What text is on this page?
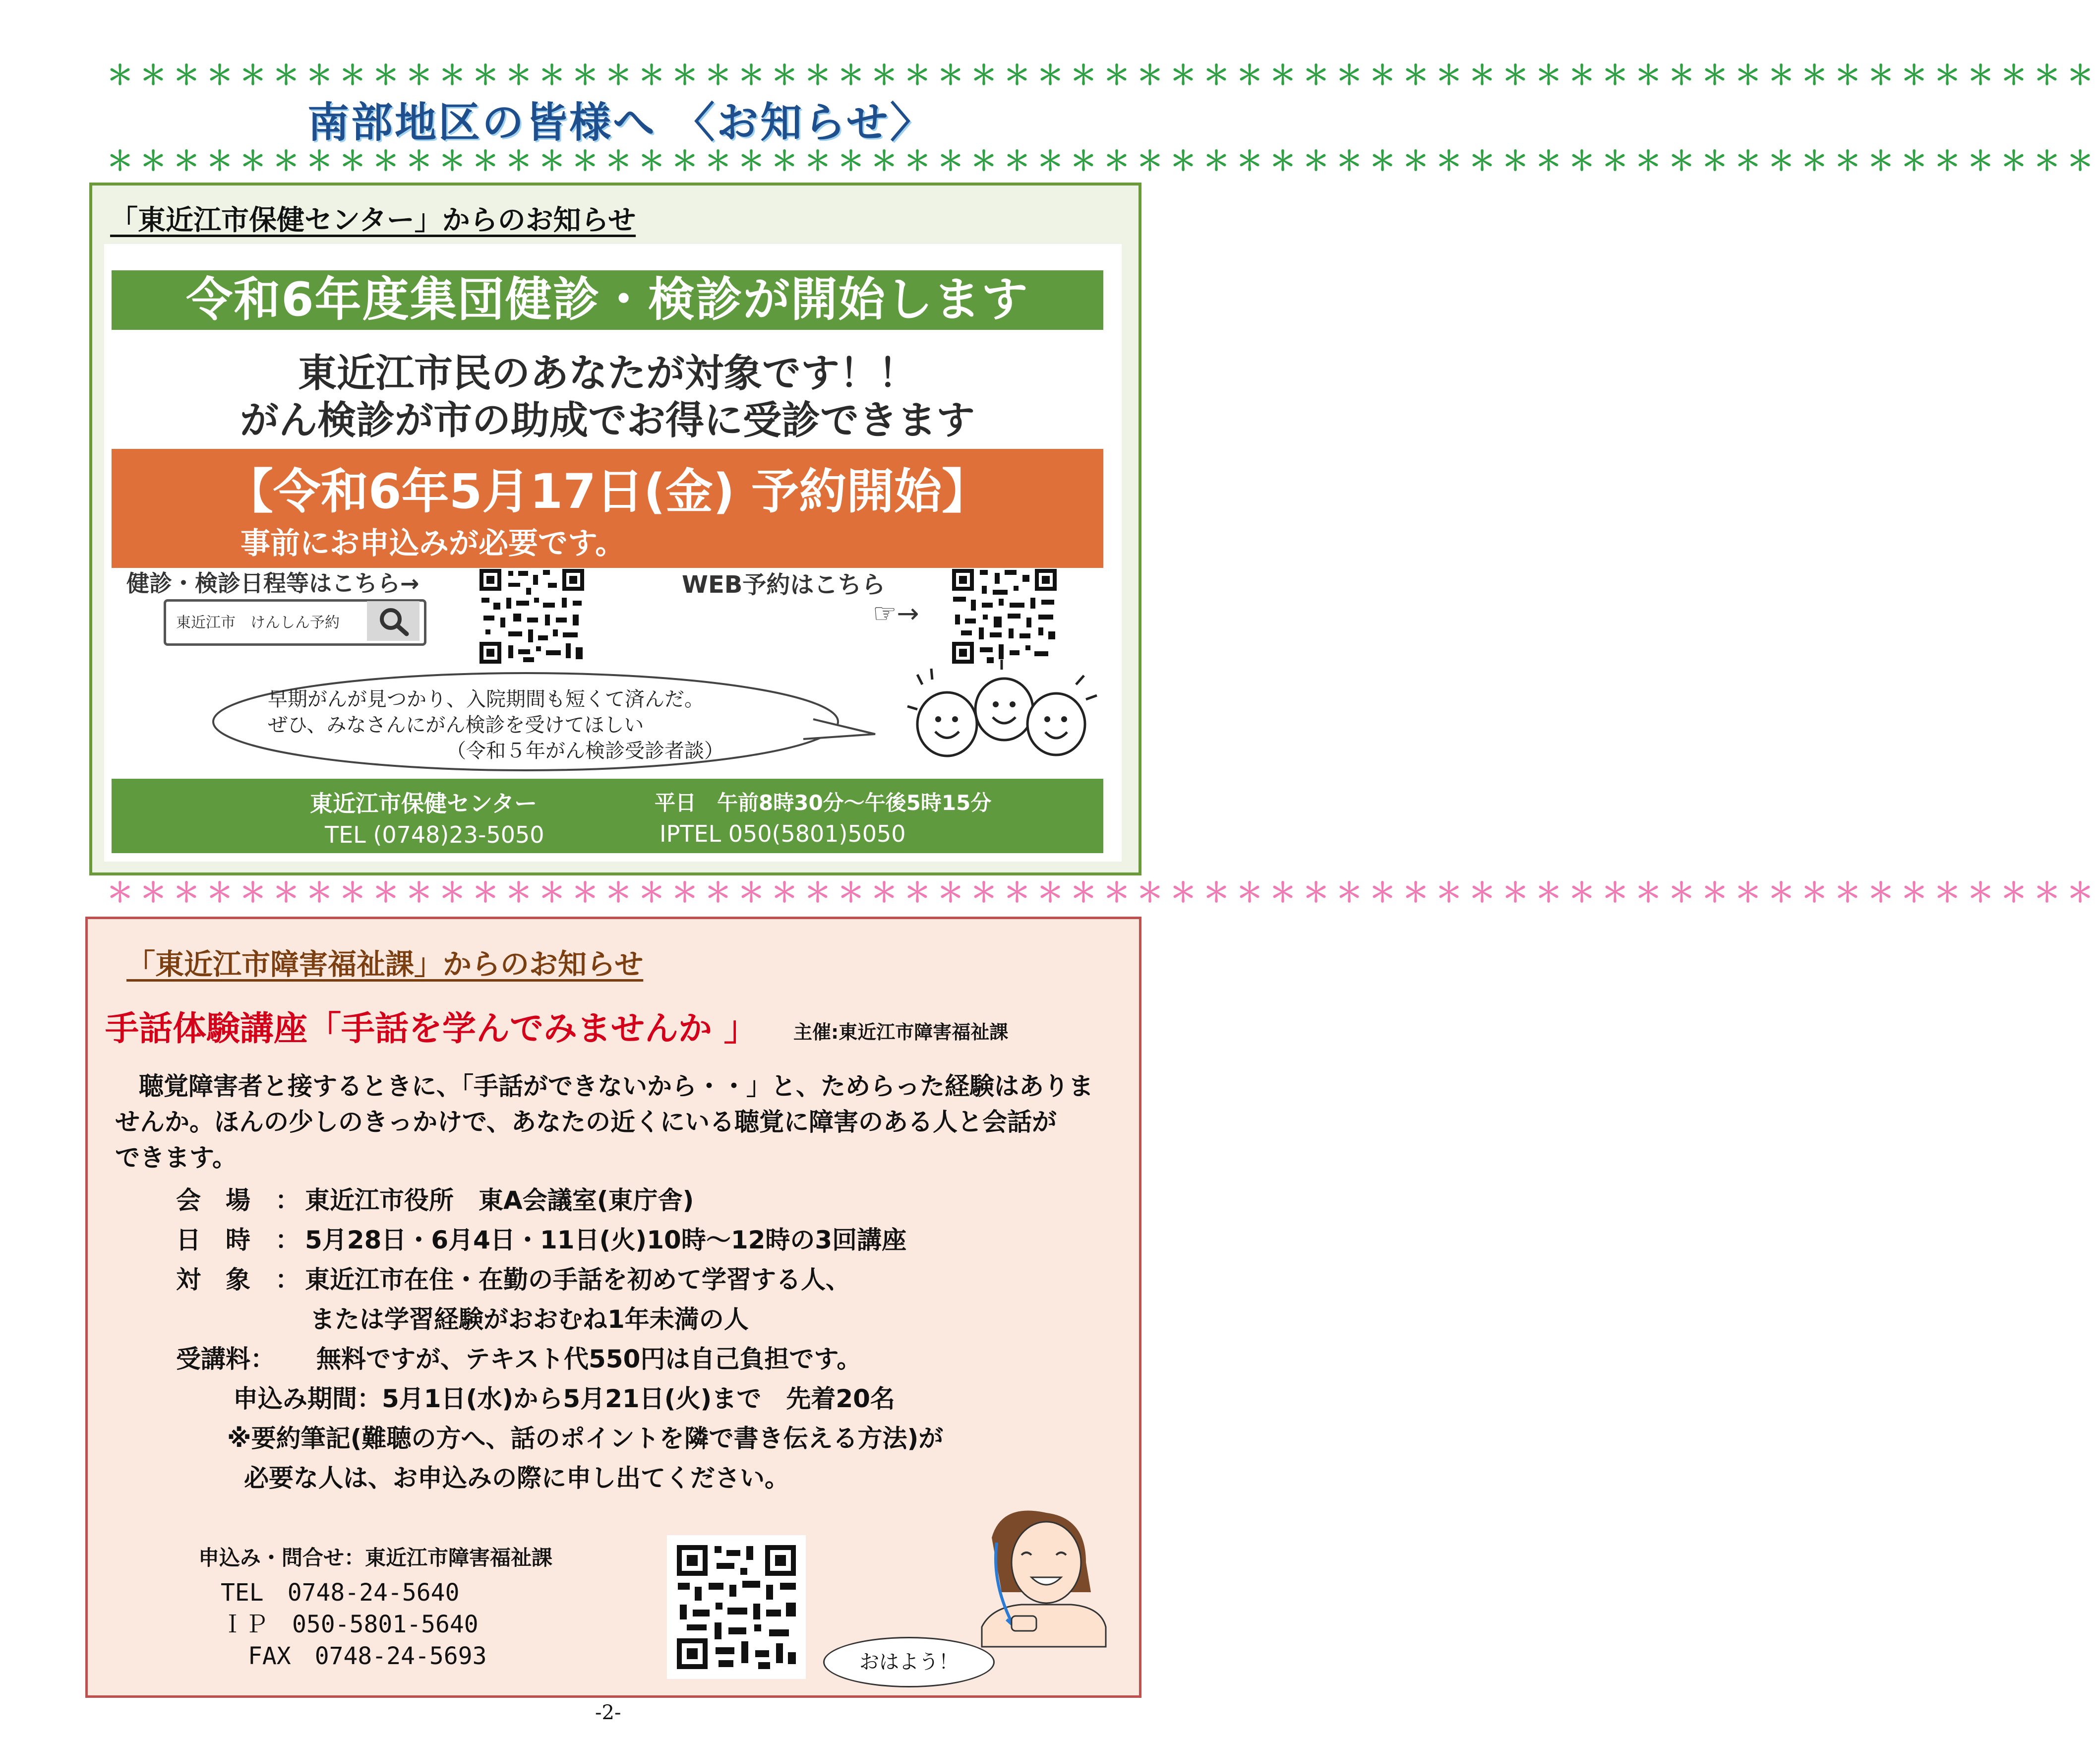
＊＊＊＊＊＊＊＊＊＊＊＊＊＊＊＊＊＊＊＊＊＊＊＊＊＊＊＊＊＊＊＊＊＊＊＊＊＊＊＊＊＊＊＊＊＊＊＊＊＊＊＊＊＊＊＊＊＊＊＊
南部地区の皆様へ 〈お知らせ〉
＊＊＊＊＊＊＊＊＊＊＊＊＊＊＊＊＊＊＊＊＊＊＊＊＊＊＊＊＊＊＊＊＊＊＊＊＊＊＊＊＊＊＊＊＊＊＊＊＊＊＊＊＊＊＊＊＊＊＊＊
「東近江市保健センター」からのお知らせ
令和6年度集団健診・検診が開始します
東近江市民のあなたが対象です！！
がん検診が市の助成でお得に受診できます
【令和6年5月17日(金) 予約開始】
事前にお申込みが必要です。
健診・検診日程等はこちら→
東近江市　けんしん予約
WEB予約はこちら
☞→
早期がんが見つかり、入院期間も短くて済んだ。
ぜひ、みなさんにがん検診を受けてほしい
（令和５年がん検診受診者談）
東近江市保健センター	平日　午前8時30分～午後5時15分
TEL (0748)23-5050	IPTEL 050(5801)5050
＊＊＊＊＊＊＊＊＊＊＊＊＊＊＊＊＊＊＊＊＊＊＊＊＊＊＊＊＊＊＊＊＊＊＊＊＊＊＊＊＊＊＊＊＊＊＊＊＊＊＊＊＊＊＊＊＊＊＊＊
「東近江市障害福祉課」からのお知らせ
手話体験講座「手話を学んでみませんか 」 主催:東近江市障害福祉課
聴覚障害者と接するときに、「手話ができないから・・」と、ためらった経験はありま
せんか。ほんの少しのきっかけで、あなたの近くにいる聴覚に障害のある人と会話が
できます。
会　場　： 東近江市役所　東A会議室(東庁舎)
日　時　： 5月28日・6月4日・11日(火)10時～12時の3回講座
対　象　： 東近江市在住・在勤の手話を初めて学習する人、
または学習経験がおおむね1年未満の人
受講料： 無料ですが、テキスト代550円は自己負担です。
申込み期間：5月1日(水)から5月21日(火)まで　先着20名
※要約筆記(難聴の方へ、話のポイントを隣で書き伝える方法)が
必要な人は、お申込みの際に申し出てください。
申込み・問合せ：東近江市障害福祉課
TEL　0748-24-5640
ＩＰ　050-5801-5640
FAX　0748-24-5693	おはよう！
-2-
